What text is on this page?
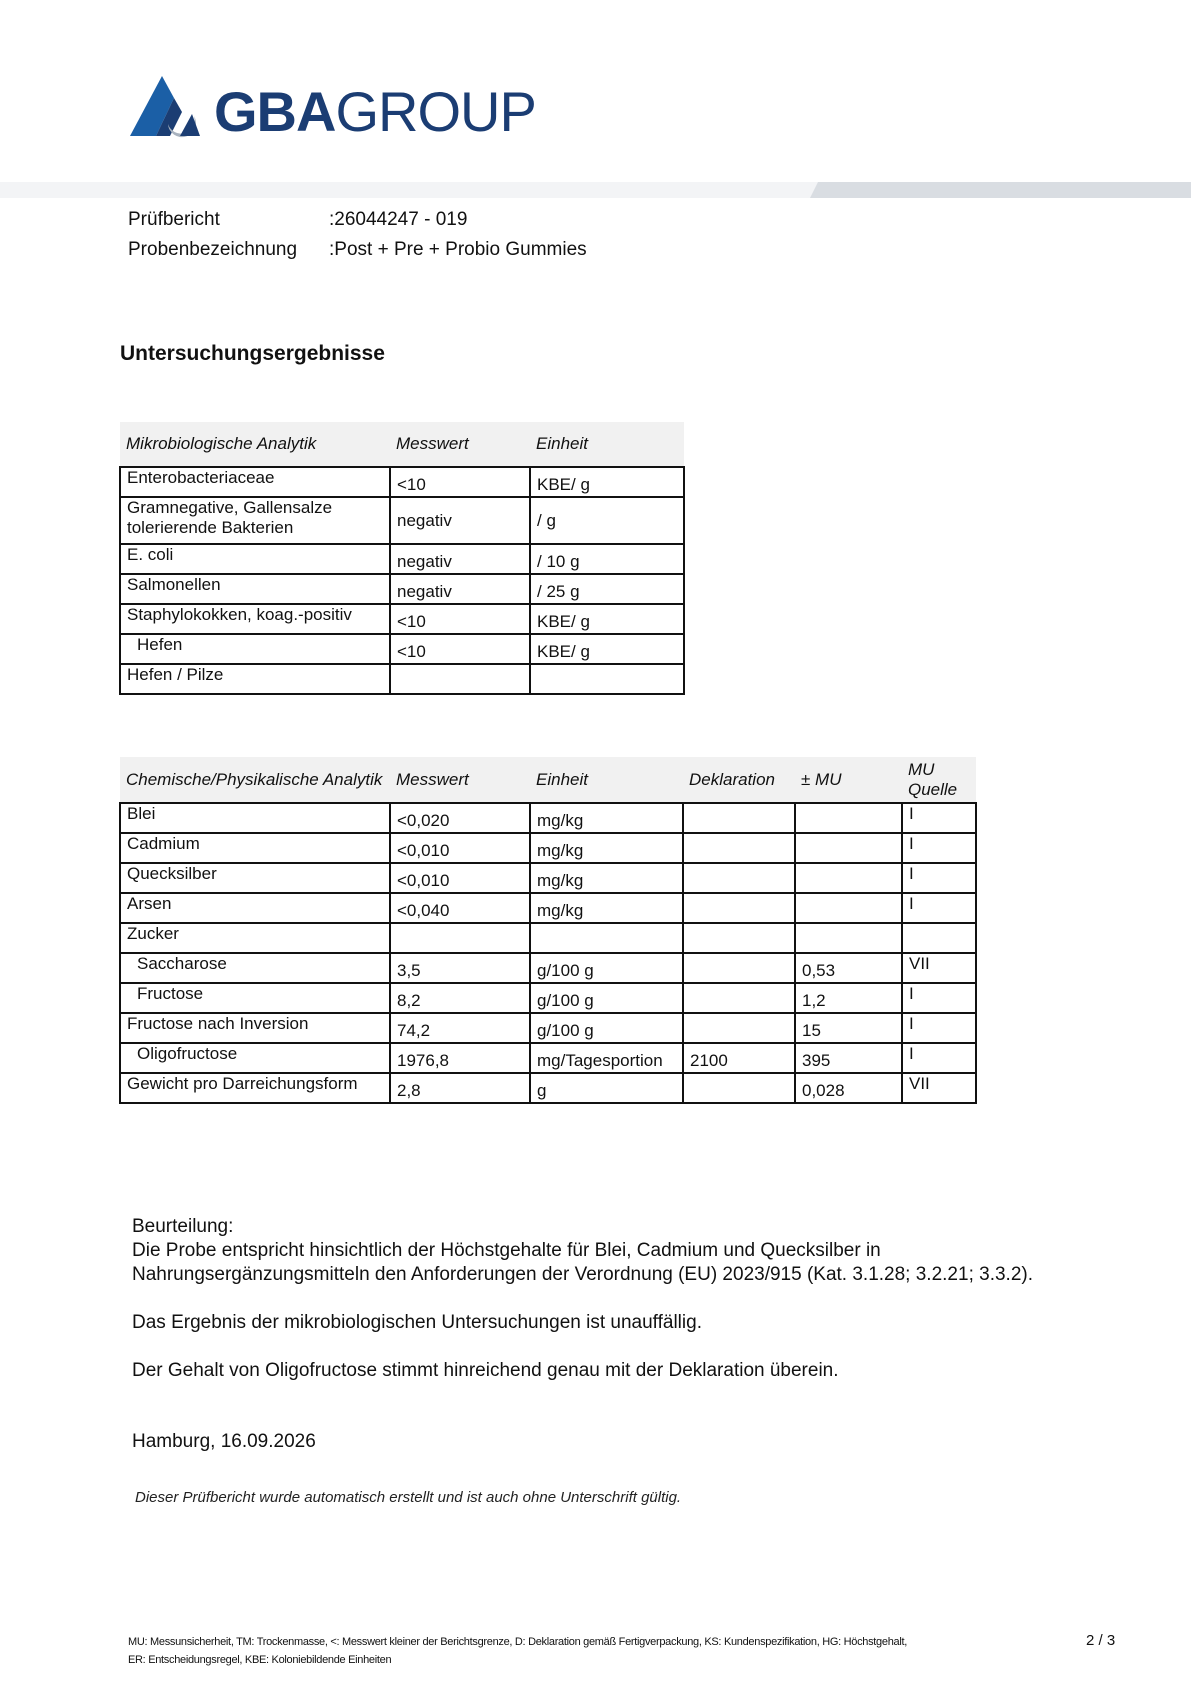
GBAGROUP
Prüfbericht	:26044247 - 019
Probenbezeichnung :Post + Pre + Probio Gummies
Untersuchungsergebnisse
Mikrobiologische Analytik	Messwert	Einheit
Enterobacteriaceae	<10	KBE/ g
Gramnegative, Gallensalze tolerierende Bakterien	negativ	/ g
E. coli	negativ	/ 10 g
Salmonellen	negativ	/ 25 g
Staphylokokken, koag.-positiv	<10	KBE/ g
Hefen	<10	KBE/ g
Hefen / Pilze		
Chemische/Physikalische Analytik	Messwert	Einheit	Deklaration	± MU	MU Quelle
Blei	<0,020	mg/kg			I
Cadmium	<0,010	mg/kg			I
Quecksilber	<0,010	mg/kg			I
Arsen	<0,040	mg/kg			I
Zucker					
Saccharose	3,5	g/100 g		0,53	VII
Fructose	8,2	g/100 g		1,2	I
Fructose nach Inversion	74,2	g/100 g		15	I
Oligofructose	1976,8	mg/Tagesportion	2100	395	I
Gewicht pro Darreichungsform	2,8	g		0,028	VII

Beurteilung:

Die Probe entspricht hinsichtlich der Höchstgehalte für Blei, Cadmium und Quecksilber in Nahrungsergänzungsmitteln den Anforderungen der Verordnung (EU) 2023/915 (Kat. 3.1.28; 3.2.21; 3.3.2).

Das Ergebnis der mikrobiologischen Untersuchungen ist unauffällig.

Der Gehalt von Oligofructose stimmt hinreichend genau mit der Deklaration überein.

Hamburg, 16.09.2026
Dieser Prüfbericht wurde automatisch erstellt und ist auch ohne Unterschrift gültig.
MU: Messunsicherheit, TM: Trockenmasse, <: Messwert kleiner der Berichtsgrenze, D: Deklaration gemäß Fertigverpackung, KS: Kundenspezifikation, HG: Höchstgehalt,
ER: Entscheidungsregel, KBE: Koloniebildende Einheiten
2 / 3
